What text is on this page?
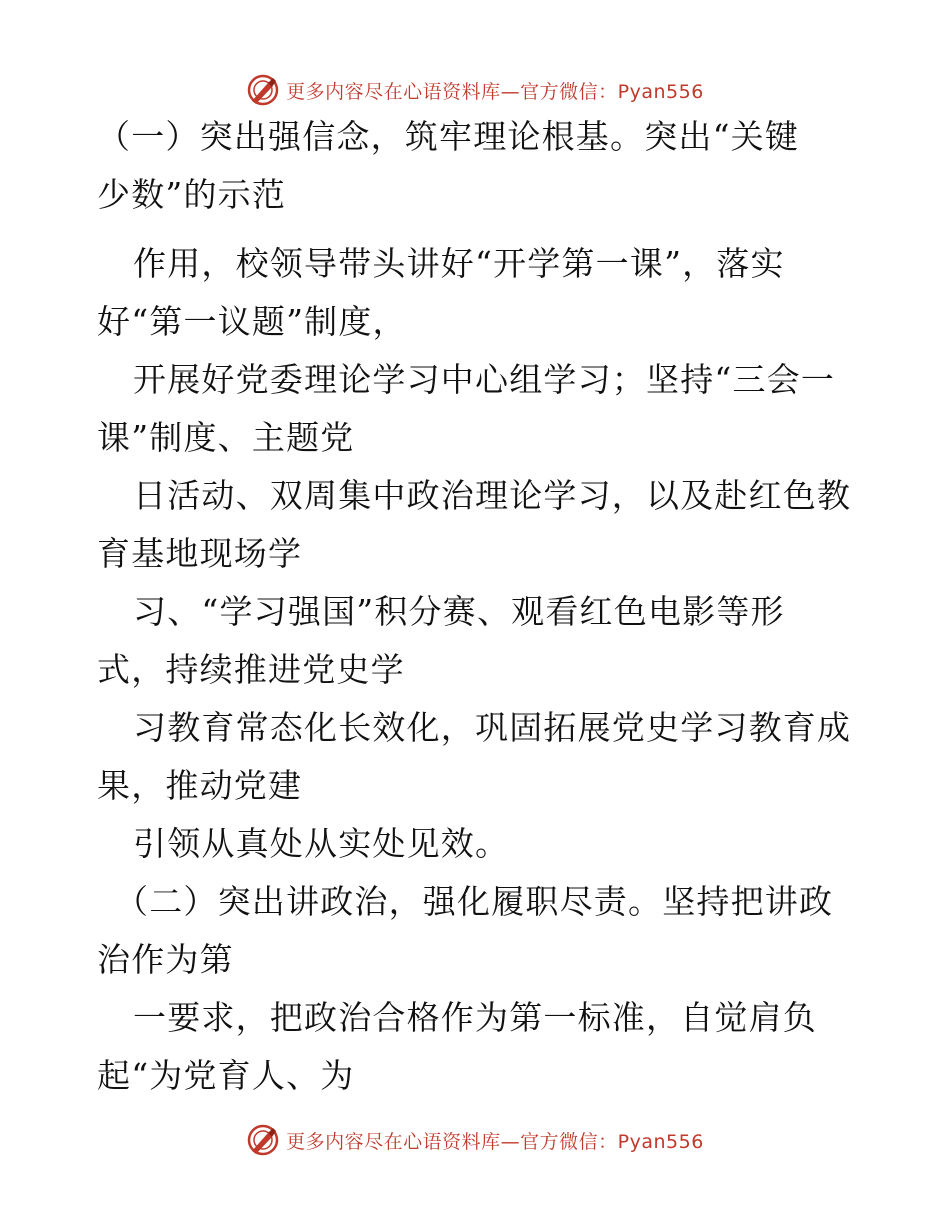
更多内容尽在心语资料库—官方微信：Pyan556
（一）突出强信念，筑牢理论根基。突出“关键
少数”的示范
作用，校领导带头讲好“开学第一课”，落实
好“第一议题”制度，
开展好党委理论学习中心组学习；坚持“三会一
课”制度、主题党
日活动、双周集中政治理论学习，以及赴红色教
育基地现场学
习、“学习强国”积分赛、观看红色电影等形
式，持续推进党史学
习教育常态化长效化，巩固拓展党史学习教育成
果，推动党建
引领从真处从实处见效。
（二）突出讲政治，强化履职尽责。坚持把讲政
治作为第
一要求，把政治合格作为第一标准，自觉肩负
起“为党育人、为
更多内容尽在心语资料库—官方微信：Pyan556
